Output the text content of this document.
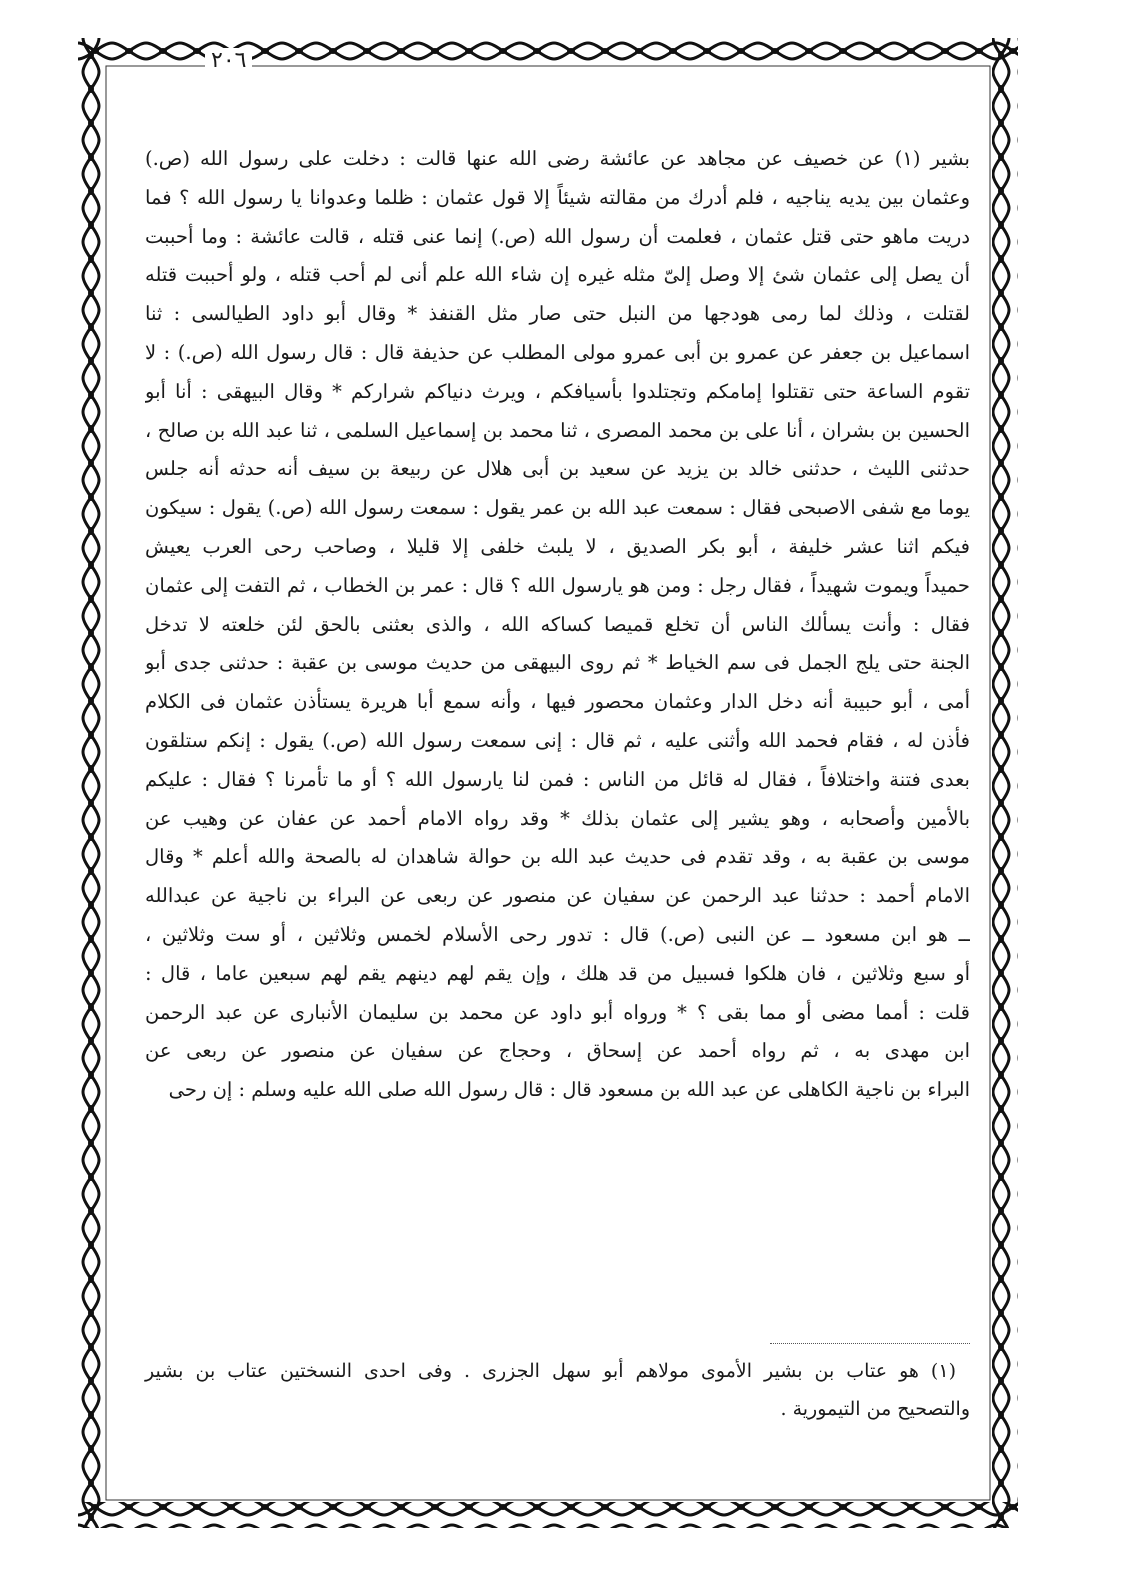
٢٠٦
بشير (١) عن خصيف عن مجاهد عن عائشة رضى الله عنها قالت : دخلت على رسول الله (ص.)
وعثمان بين يديه يناجيه ، فلم أدرك من مقالته شيئاً إلا قول عثمان : ظلما وعدوانا يا رسول الله ؟ فما
دريت ماهو حتى قتل عثمان ، فعلمت أن رسول الله (ص.) إنما عنى قتله ، قالت عائشة : وما أحببت
أن يصل إلى عثمان شئ إلا وصل إلىّ مثله غيره إن شاء الله علم أنى لم أحب قتله ، ولو أحببت قتله
لقتلت ، وذلك لما رمى هودجها من النبل حتى صار مثل القنفذ * وقال أبو داود الطيالسى : ثنا
اسماعيل بن جعفر عن عمرو بن أبى عمرو مولى المطلب عن حذيفة قال : قال رسول الله (ص.) : لا
تقوم الساعة حتى تقتلوا إمامكم وتجتلدوا بأسيافكم ، ويرث دنياكم شراركم * وقال البيهقى : أنا أبو
الحسين بن بشران ، أنا على بن محمد المصرى ، ثنا محمد بن إسماعيل السلمى ، ثنا عبد الله بن صالح ،
حدثنى الليث ، حدثنى خالد بن يزيد عن سعيد بن أبى هلال عن ربيعة بن سيف أنه حدثه أنه جلس
يوما مع شفى الاصبحى فقال : سمعت عبد الله بن عمر يقول : سمعت رسول الله (ص.) يقول : سيكون
فيكم اثنا عشر خليفة ، أبو بكر الصديق ، لا يلبث خلفى إلا قليلا ، وصاحب رحى العرب يعيش
حميداً ويموت شهيداً ، فقال رجل : ومن هو يارسول الله ؟ قال : عمر بن الخطاب ، ثم التفت إلى عثمان
فقال : وأنت يسألك الناس أن تخلع قميصا كساكه الله ، والذى بعثنى بالحق لئن خلعته لا تدخل
الجنة حتى يلج الجمل فى سم الخياط * ثم روى البيهقى من حديث موسى بن عقبة : حدثنى جدى أبو
أمى ، أبو حبيبة أنه دخل الدار وعثمان محصور فيها ، وأنه سمع أبا هريرة يستأذن عثمان فى الكلام
فأذن له ، فقام فحمد الله وأثنى عليه ، ثم قال : إنى سمعت رسول الله (ص.) يقول : إنكم ستلقون
بعدى فتنة واختلافاً ، فقال له قائل من الناس : فمن لنا يارسول الله ؟ أو ما تأمرنا ؟ فقال : عليكم
بالأمين وأصحابه ، وهو يشير إلى عثمان بذلك * وقد رواه الامام أحمد عن عفان عن وهيب عن
موسى بن عقبة به ، وقد تقدم فى حديث عبد الله بن حوالة شاهدان له بالصحة والله أعلم * وقال
الامام أحمد : حدثنا عبد الرحمن عن سفيان عن منصور عن ربعى عن البراء بن ناجية عن عبدالله
ــ هو ابن مسعود ــ عن النبى (ص.) قال : تدور رحى الأسلام لخمس وثلاثين ، أو ست وثلاثين ،
أو سبع وثلاثين ، فان هلكوا فسبيل من قد هلك ، وإن يقم لهم دينهم يقم لهم سبعين عاما ، قال :
قلت : أمما مضى أو مما بقى ؟ * ورواه أبو داود عن محمد بن سليمان الأنبارى عن عبد الرحمن
ابن مهدى به ، ثم رواه أحمد عن إسحاق ، وحجاج عن سفيان عن منصور عن ربعى عن
البراء بن ناجية الكاهلى عن عبد الله بن مسعود قال : قال رسول الله صلى الله عليه وسلم : إن رحى
(١) هو عتاب بن بشير الأموى مولاهم أبو سهل الجزرى . وفى احدى النسختين عتاب بن بشير
والتصحيح من التيمورية .
